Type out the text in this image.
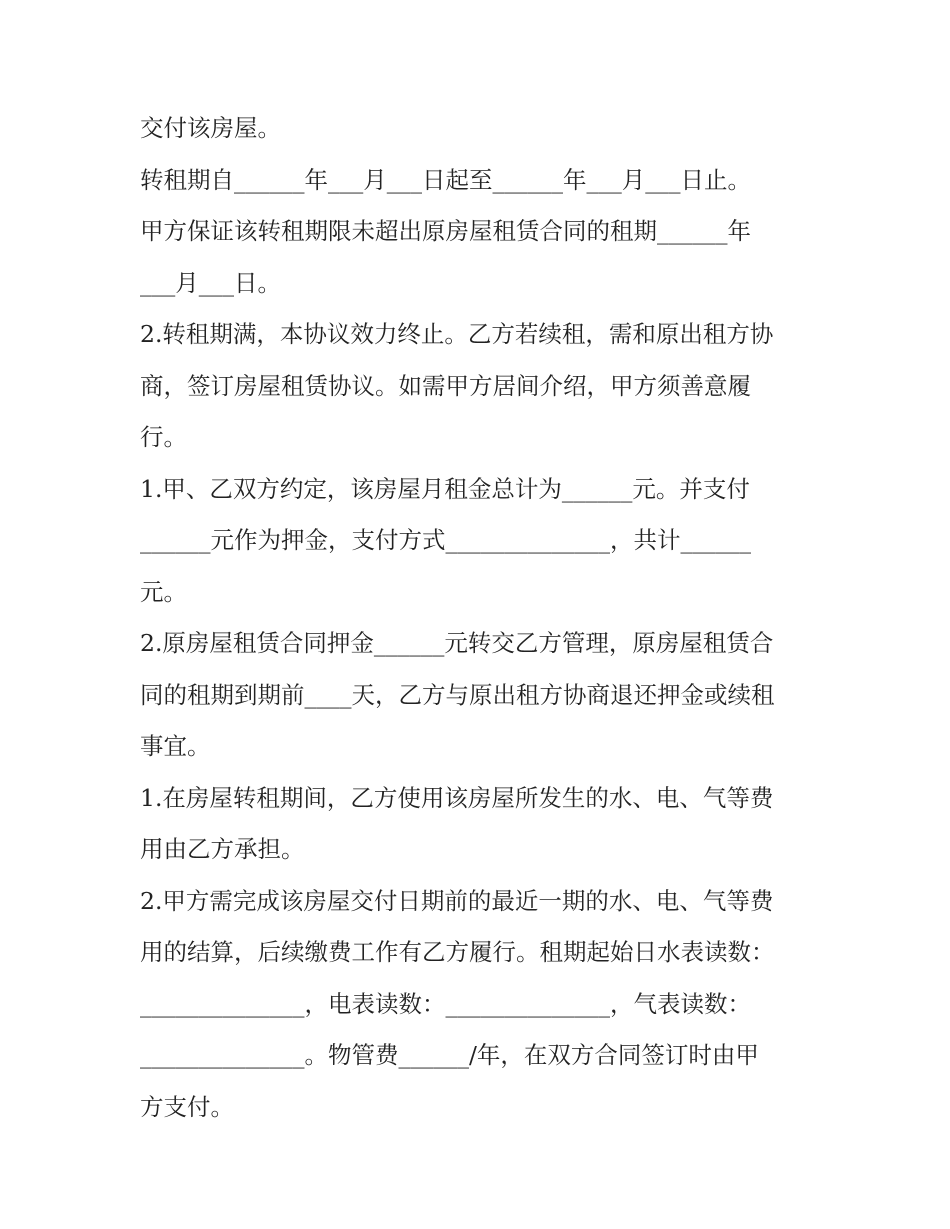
交付该房屋。
转租期自______年___月___日起至______年___月___日止。
甲方保证该转租期限未超出原房屋租赁合同的租期______年
___月___日。
2.转租期满，本协议效力终止。乙方若续租，需和原出租方协
商，签订房屋租赁协议。如需甲方居间介绍，甲方须善意履
行。
1.甲、乙双方约定，该房屋月租金总计为______元。并支付
______元作为押金，支付方式______________，共计______
元。
2.原房屋租赁合同押金______元转交乙方管理，原房屋租赁合
同的租期到期前____天，乙方与原出租方协商退还押金或续租
事宜。
1.在房屋转租期间，乙方使用该房屋所发生的水、电、气等费
用由乙方承担。
2.甲方需完成该房屋交付日期前的最近一期的水、电、气等费
用的结算，后续缴费工作有乙方履行。租期起始日水表读数：
______________，电表读数：______________，气表读数：
______________。物管费______/年，在双方合同签订时由甲
方支付。
